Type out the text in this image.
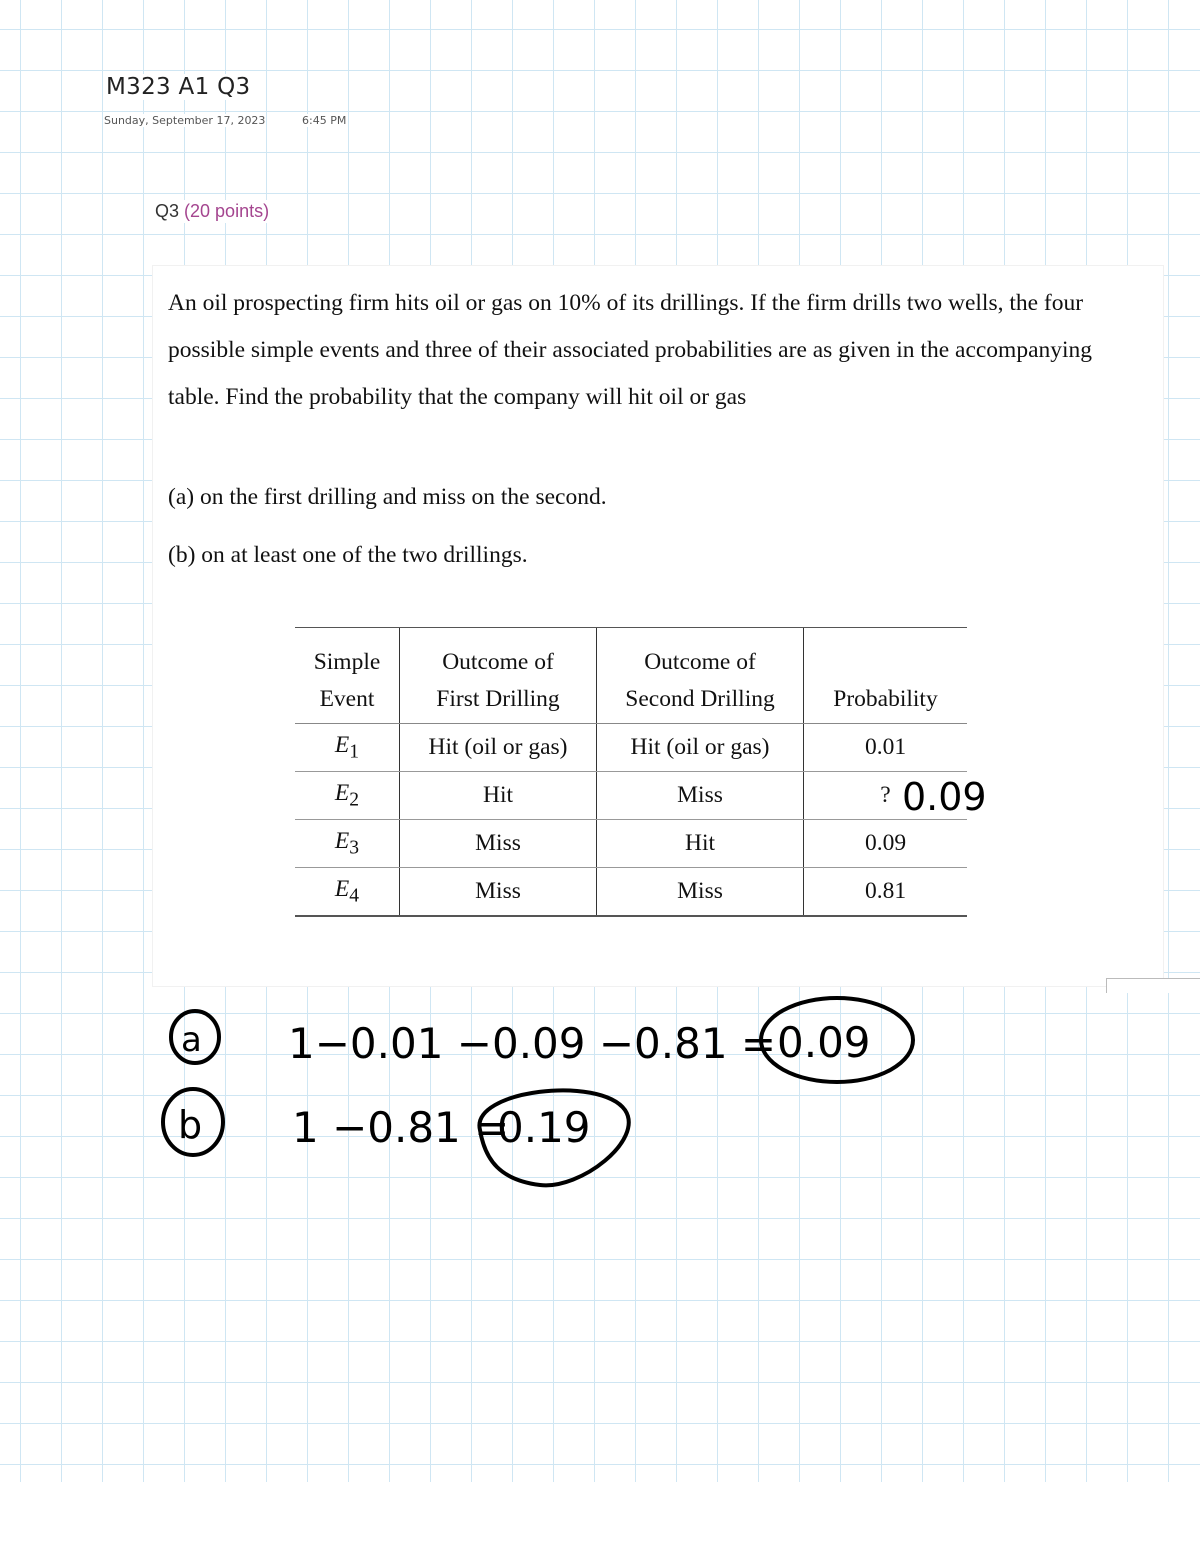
M323 A1 Q3
Sunday, September 17, 2023	6:45 PM
Q3 (20 points)

An oil prospecting firm hits oil or gas on 10% of its drillings. If the firm drills two wells, the four possible simple events and three of their associated probabilities are as given in the accompanying table. Find the probability that the company will hit oil or gas

(a) on the first drilling and miss on the second.
(b) on at least one of the two drillings.
Simple	Outcome of	Outcome of	
Event	First Drilling	Second Drilling	Probability
$E_1$	Hit (oil or gas)	Hit (oil or gas)	0.01
$E_2$	Hit	Miss	?
$E_3$	Miss	Hit	0.09
$E_4$	Miss	Miss	0.81
0.09
a 1−0.01 −0.09 −0.81 = 0.09
b 1 −0.81 =
0.19
